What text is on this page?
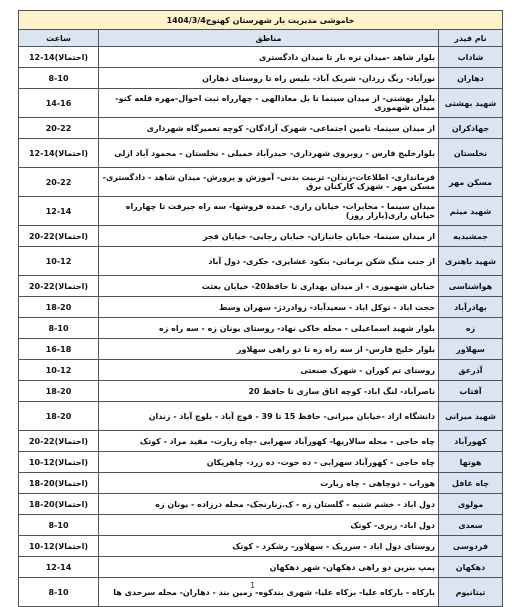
خاموشی مدیریت بار شهرستان کهنوج1404/3/4		
نام فیدر	مناطق	ساعت
شاداب	بلوار شاهد -میدان تره بار تا میدان دادگستری	(احتمالا)14-12
دهاران	نورآباد- ریگ زردان- شریک آباد- بلیس راه تا روستای دهاران	8-10
شهید بهشتی	بلوار بهشتی- از میدان سینما تا بل معاذالهی - چهارراه ثبت احوال-مهره قلعه کنو- میدان شهموزی	14-16
جهادکران	از میدان سینما- تامین اجتماعی- شهرک آزادگان- کوچه تعمیرگاه شهرداری	20-22
نخلستان	بلوارخلیج فارس - روبروی شهرداری- حیدرآباد خمیلی - نخلستان - محمود آباد ازلی	(احتمالا)14-12
مسکن مهر	فرمانداری- اطلاعات-زندان- تربیت بدنی- آموزش و پرورش- میدان شاهد - دادگستری- مسکن مهر - شهرک کارکنان برق	20-22
شهید میثم	میدان سینما - مخابرات- خیابان رازی- عمده فروشها- سه راه جیرفت تا چهارراه خیابان رازی(بازار روز)	12-14
جمشیدیه	از میدان سینما- خیابان جانبازان- خیابان رجایی- خیابان فجر	(احتمالا)22-20
شهید باهنری	از جنب منگ شکن برمانی- بنکود عشایری- جکری- دول آباد	10-12
هواشناسی	خیابان شهموزی - از میدان بهداری تا حافظ20- خیابان بعثت	(احتمالا)22-20
بهادرآباد	حجت اباد - توکل اباد - سعیدآباد- زوادردژ- سهران وسط	18-20
زه	بلوار شهید اسماعیلی - محله خاکی نهاد- روستای یونان زه - سه راه زه	8-10
سهلاور	بلوار خلیج فارس- از سه راه زه تا دو راهی سهلاور	16-18
آذرعق	روستای تم کوران - شهرک صنعتی	10-12
آفتاب	ناصرآباد- لنگ اباد- کوچه اتاق سازی تا حافظ 20	18-20
شهید میرانی	دانشگاه ازاد -خیابان میرانی- حافظ 15 تا 39 - قوچ آباد - بلوچ آباد - زندان	18-20
کهورآباد	چاه حاجی - محله سالاریها- کهورآباد سهرابی -چاه زیارت- مفید مراد - کوتک	(احتمالا)22-20
هوتها	چاه حاجی - کهورآباد سهرابی - ده حوت- ده زرد- چاهریکان	(احتمالا)12-10
چاه غافل	هوراب - دوچاهی - چاه زیارت	(احتمالا)20-18
مولوی	دول اباد - خشم شنبه - گلستان زه - ک.زنارنجک- محله درزاده - یونان زه	(احتمالا)20-18
سعدی	دول اباد- زیری- کوتک	8-10
فردوسی	روستای دول اباد - سرریک - سهلاور- رشکرد - کوتک	(احتمالا)12-10
دهکهان	پمپ بنزین دو راهی دهکهان- شهر دهکهان	12-14
تیتانیوم	بارکاه - بارکاه علیا- برکاه علیا- شهری بندکوه- زمین بند - دهاران- محله سرحدی ها	8-10
1
